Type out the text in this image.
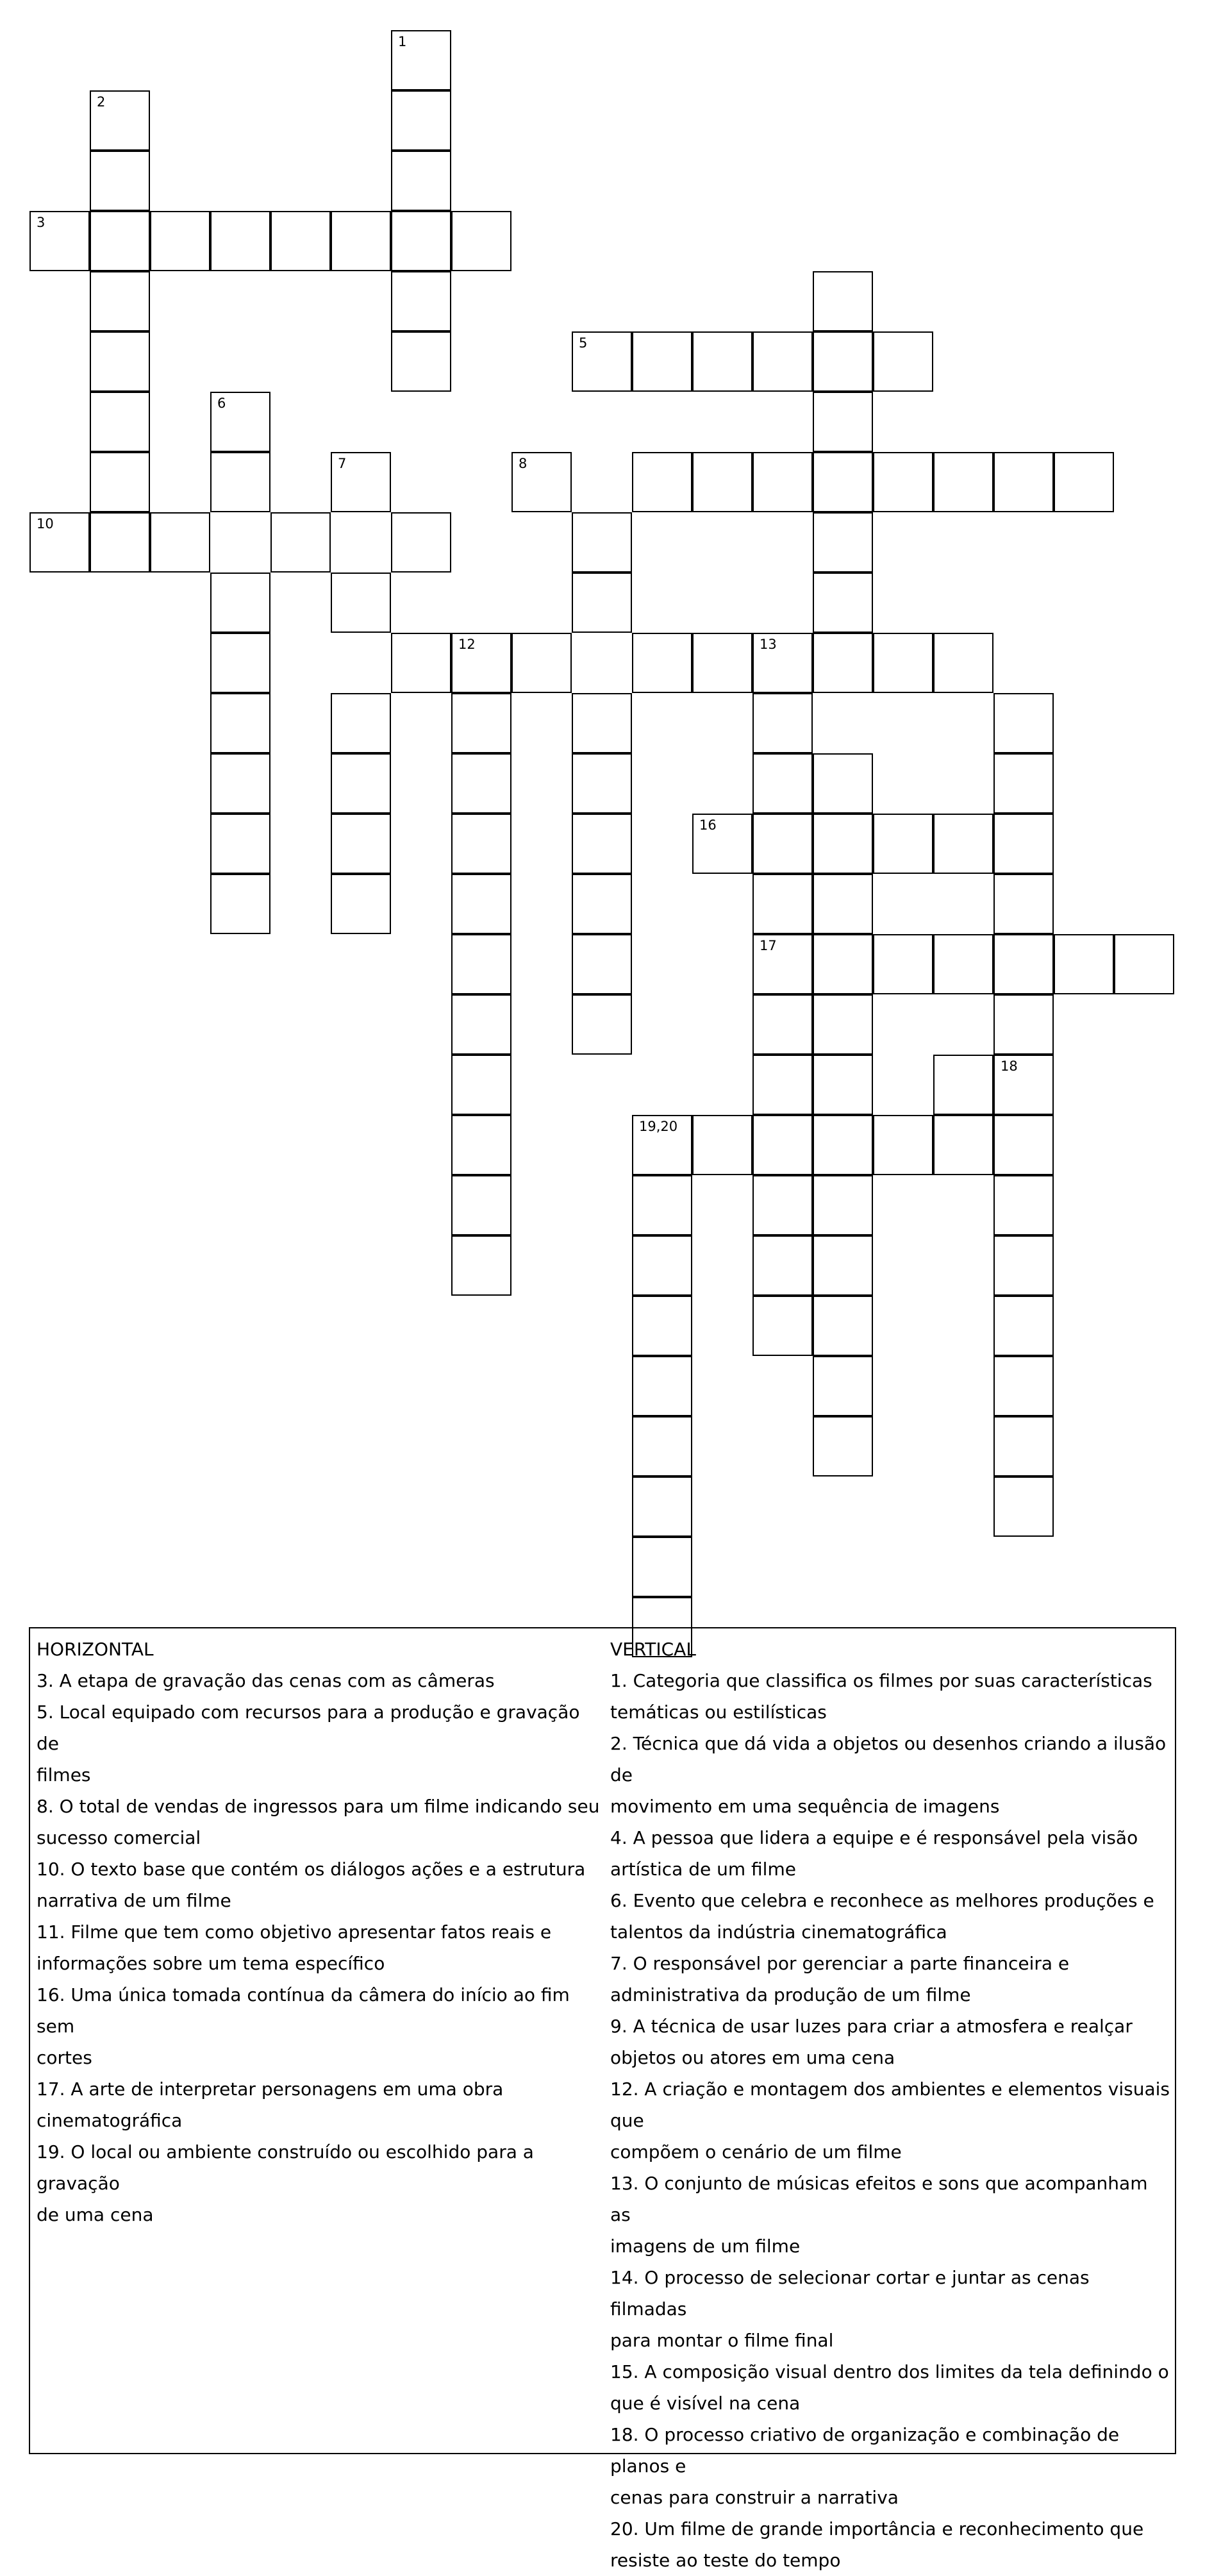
1
2
3
5
6
7	8
10
12	13
17
16
19,20
18
HORIZONTAL
3. A etapa de gravação das cenas com as câmeras
5. Local equipado com recursos para a produção e gravação de
filmes
8. O total de vendas de ingressos para um filme indicando seu
sucesso comercial
10. O texto base que contém os diálogos ações e a estrutura
narrativa de um filme
11. Filme que tem como objetivo apresentar fatos reais e
informações sobre um tema específico
16. Uma única tomada contínua da câmera do início ao fim sem
cortes
17. A arte de interpretar personagens em uma obra
cinematográfica
19. O local ou ambiente construído ou escolhido para a gravação
de uma cena
VERTICAL
1. Categoria que classifica os filmes por suas características
temáticas ou estilísticas
2. Técnica que dá vida a objetos ou desenhos criando a ilusão de
movimento em uma sequência de imagens
4. A pessoa que lidera a equipe e é responsável pela visão
artística de um filme
6. Evento que celebra e reconhece as melhores produções e
talentos da indústria cinematográfica
7. O responsável por gerenciar a parte financeira e
administrativa da produção de um filme
9. A técnica de usar luzes para criar a atmosfera e realçar
objetos ou atores em uma cena
12. A criação e montagem dos ambientes e elementos visuais que
compõem o cenário de um filme
13. O conjunto de músicas efeitos e sons que acompanham as
imagens de um filme
14. O processo de selecionar cortar e juntar as cenas filmadas
para montar o filme final
15. A composição visual dentro dos limites da tela definindo o
que é visível na cena
18. O processo criativo de organização e combinação de planos e
cenas para construir a narrativa
20. Um filme de grande importância e reconhecimento que
resiste ao teste do tempo
